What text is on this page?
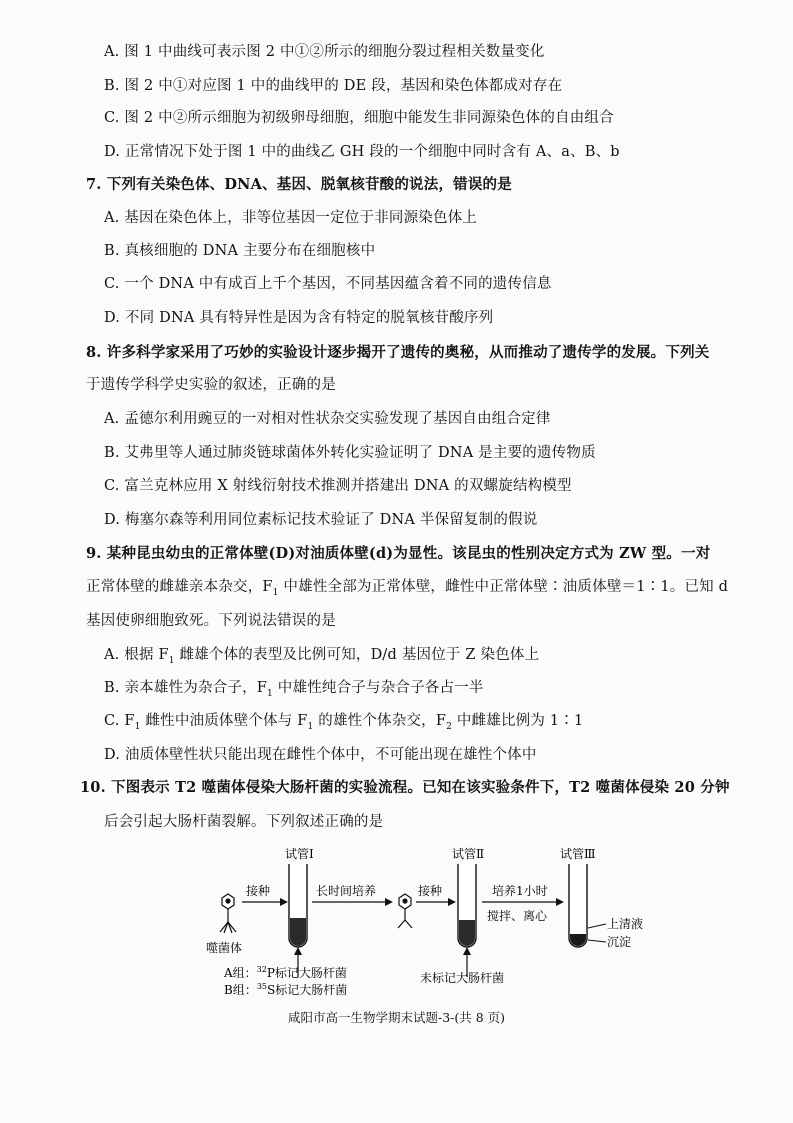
A. 图 1 中曲线可表示图 2 中①②所示的细胞分裂过程相关数量变化
B. 图 2 中①对应图 1 中的曲线甲的 DE 段，基因和染色体都成对存在
C. 图 2 中②所示细胞为初级卵母细胞，细胞中能发生非同源染色体的自由组合
D. 正常情况下处于图 1 中的曲线乙 GH 段的一个细胞中同时含有 A、a、B、b
7. 下列有关染色体、DNA、基因、脱氧核苷酸的说法，错误的是
A. 基因在染色体上，非等位基因一定位于非同源染色体上
B. 真核细胞的 DNA 主要分布在细胞核中
C. 一个 DNA 中有成百上千个基因，不同基因蕴含着不同的遗传信息
D. 不同 DNA 具有特异性是因为含有特定的脱氧核苷酸序列
8. 许多科学家采用了巧妙的实验设计逐步揭开了遗传的奥秘，从而推动了遗传学的发展。下列关
于遗传学科学史实验的叙述，正确的是
A. 孟德尔利用豌豆的一对相对性状杂交实验发现了基因自由组合定律
B. 艾弗里等人通过肺炎链球菌体外转化实验证明了 DNA 是主要的遗传物质
C. 富兰克林应用 X 射线衍射技术推测并搭建出 DNA 的双螺旋结构模型
D. 梅塞尔森等利用同位素标记技术验证了 DNA 半保留复制的假说
9. 某种昆虫幼虫的正常体壁(D)对油质体壁(d)为显性。该昆虫的性别决定方式为 ZW 型。一对
正常体壁的雌雄亲本杂交，$F_1$ 中雄性全部为正常体壁，雌性中正常体壁∶油质体壁＝1∶1。已知 d
基因使卵细胞致死。下列说法错误的是
A. 根据 $F_1$ 雌雄个体的表型及比例可知，D/d 基因位于 Z 染色体上
B. 亲本雄性为杂合子，$F_1$ 中雄性纯合子与杂合子各占一半
C. $F_1$ 雌性中油质体壁个体与 $F_1$ 的雄性个体杂交，$F_2$ 中雌雄比例为 1∶1
D. 油质体壁性状只能出现在雌性个体中，不可能出现在雄性个体中
10. 下图表示 T2 噬菌体侵染大肠杆菌的实验流程。已知在该实验条件下，T2 噬菌体侵染 20 分钟
后会引起大肠杆菌裂解。下列叙述正确的是
试管Ⅰ	试管Ⅱ	试管Ⅲ
噬菌体
接种	长时间培养	接种	培养1小时
搅拌、离心
上清液
沉淀
A组：$^{32}$P标记大肠杆菌
B组：$^{35}$S标记大肠杆菌
未标记大肠杆菌
咸阳市高一生物学期末试题-3-(共 8 页)
